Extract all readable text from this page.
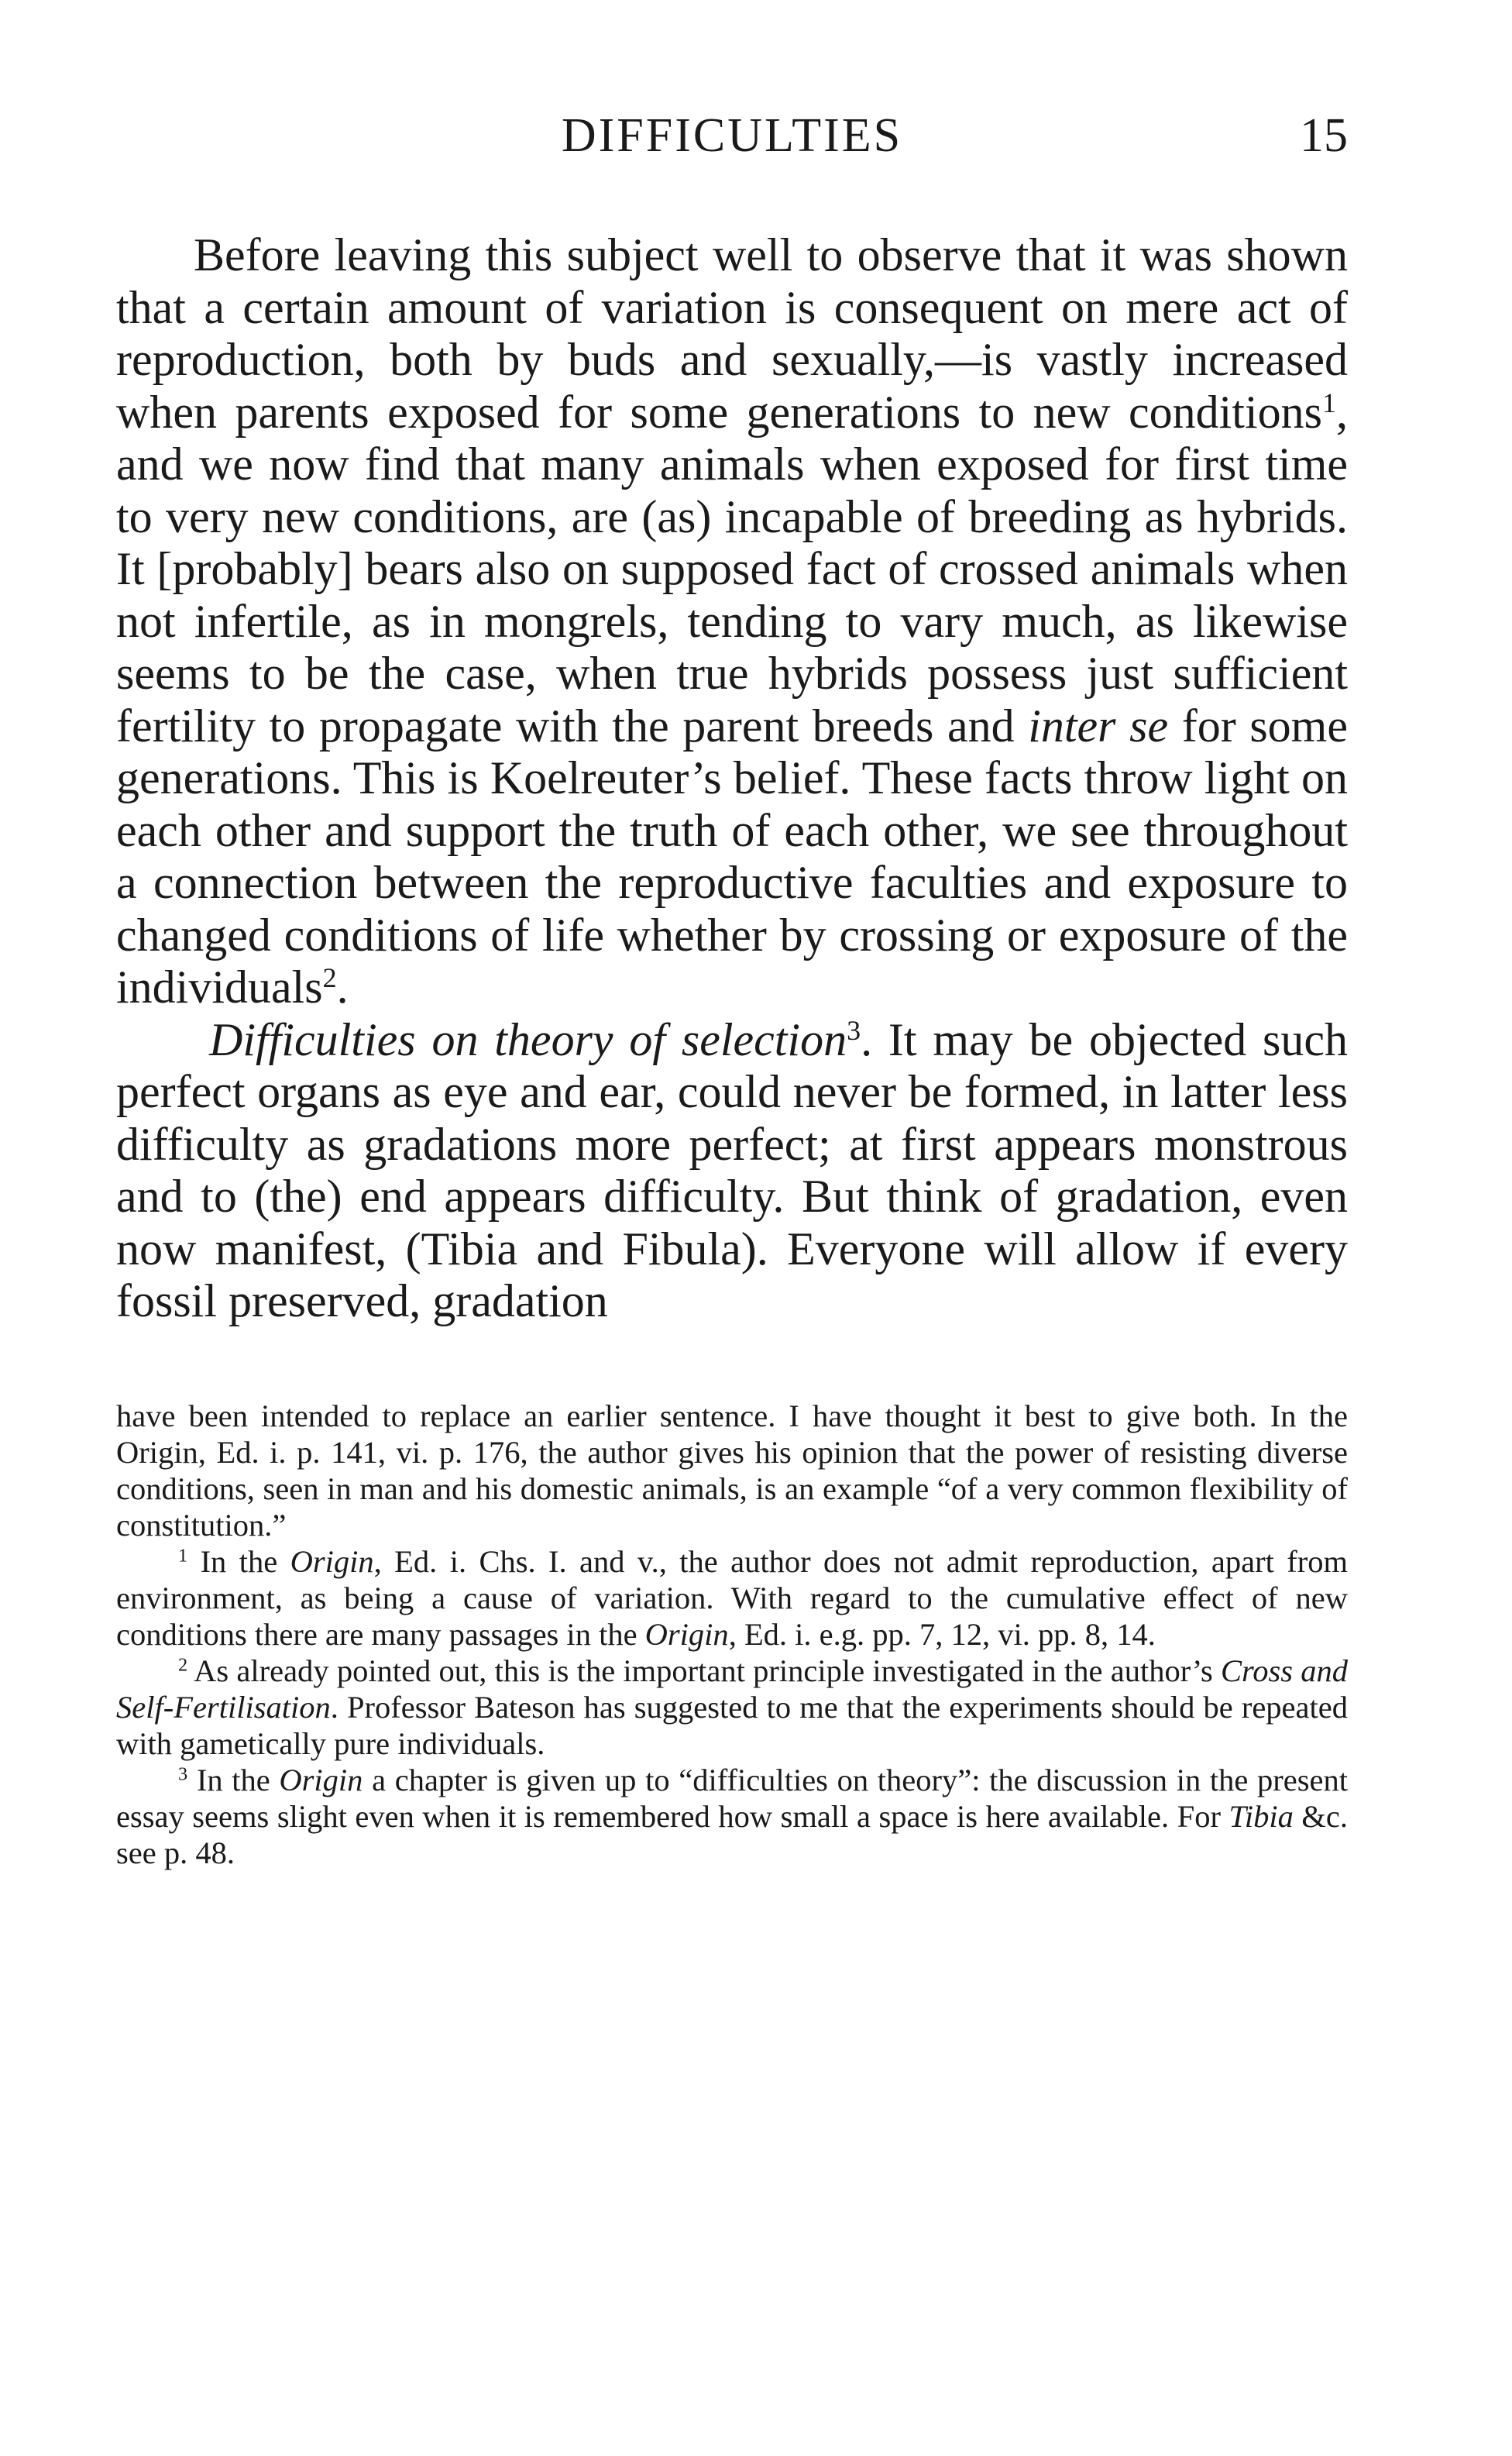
DIFFICULTIES	15

Before leaving this subject well to observe that it was shown that a certain amount of variation is consequent on mere act of reproduction, both by buds and sexually,—is vastly increased when parents exposed for some generations to new conditions$^1$, and we now find that many animals when exposed for first time to very new conditions, are (as) incapable of breeding as hybrids. It [probably] bears also on supposed fact of crossed animals when not infertile, as in mongrels, tending to vary much, as likewise seems to be the case, when true hybrids possess just sufficient fertility to propagate with the parent breeds and inter se for some generations. This is Koelreuter’s belief. These facts throw light on each other and support the truth of each other, we see throughout a connection between the reproductive faculties and exposure to changed conditions of life whether by crossing or exposure of the individuals$^2$.

Difficulties on theory of selection$^3$. It may be objected such perfect organs as eye and ear, could never be formed, in latter less difficulty as gradations more perfect; at first appears monstrous and to (the) end appears difficulty. But think of gradation, even now manifest, (Tibia and Fibula). Everyone will allow if every fossil preserved, gradation

have been intended to replace an earlier sentence. I have thought it best to give both. In the Origin, Ed. i. p. 141, vi. p. 176, the author gives his opinion that the power of resisting diverse conditions, seen in man and his domestic animals, is an example “of a very common flexibility of constitution.”

$^1$ In the Origin, Ed. i. Chs. I. and v., the author does not admit reproduction, apart from environment, as being a cause of variation. With regard to the cumulative effect of new conditions there are many passages in the Origin, Ed. i. e.g. pp. 7, 12, vi. pp. 8, 14.

$^2$ As already pointed out, this is the important principle investigated in the author’s Cross and Self-Fertilisation. Professor Bateson has suggested to me that the experiments should be repeated with gametically pure individuals.

$^3$ In the Origin a chapter is given up to “difficulties on theory”: the discussion in the present essay seems slight even when it is remembered how small a space is here available. For Tibia &c. see p. 48.
